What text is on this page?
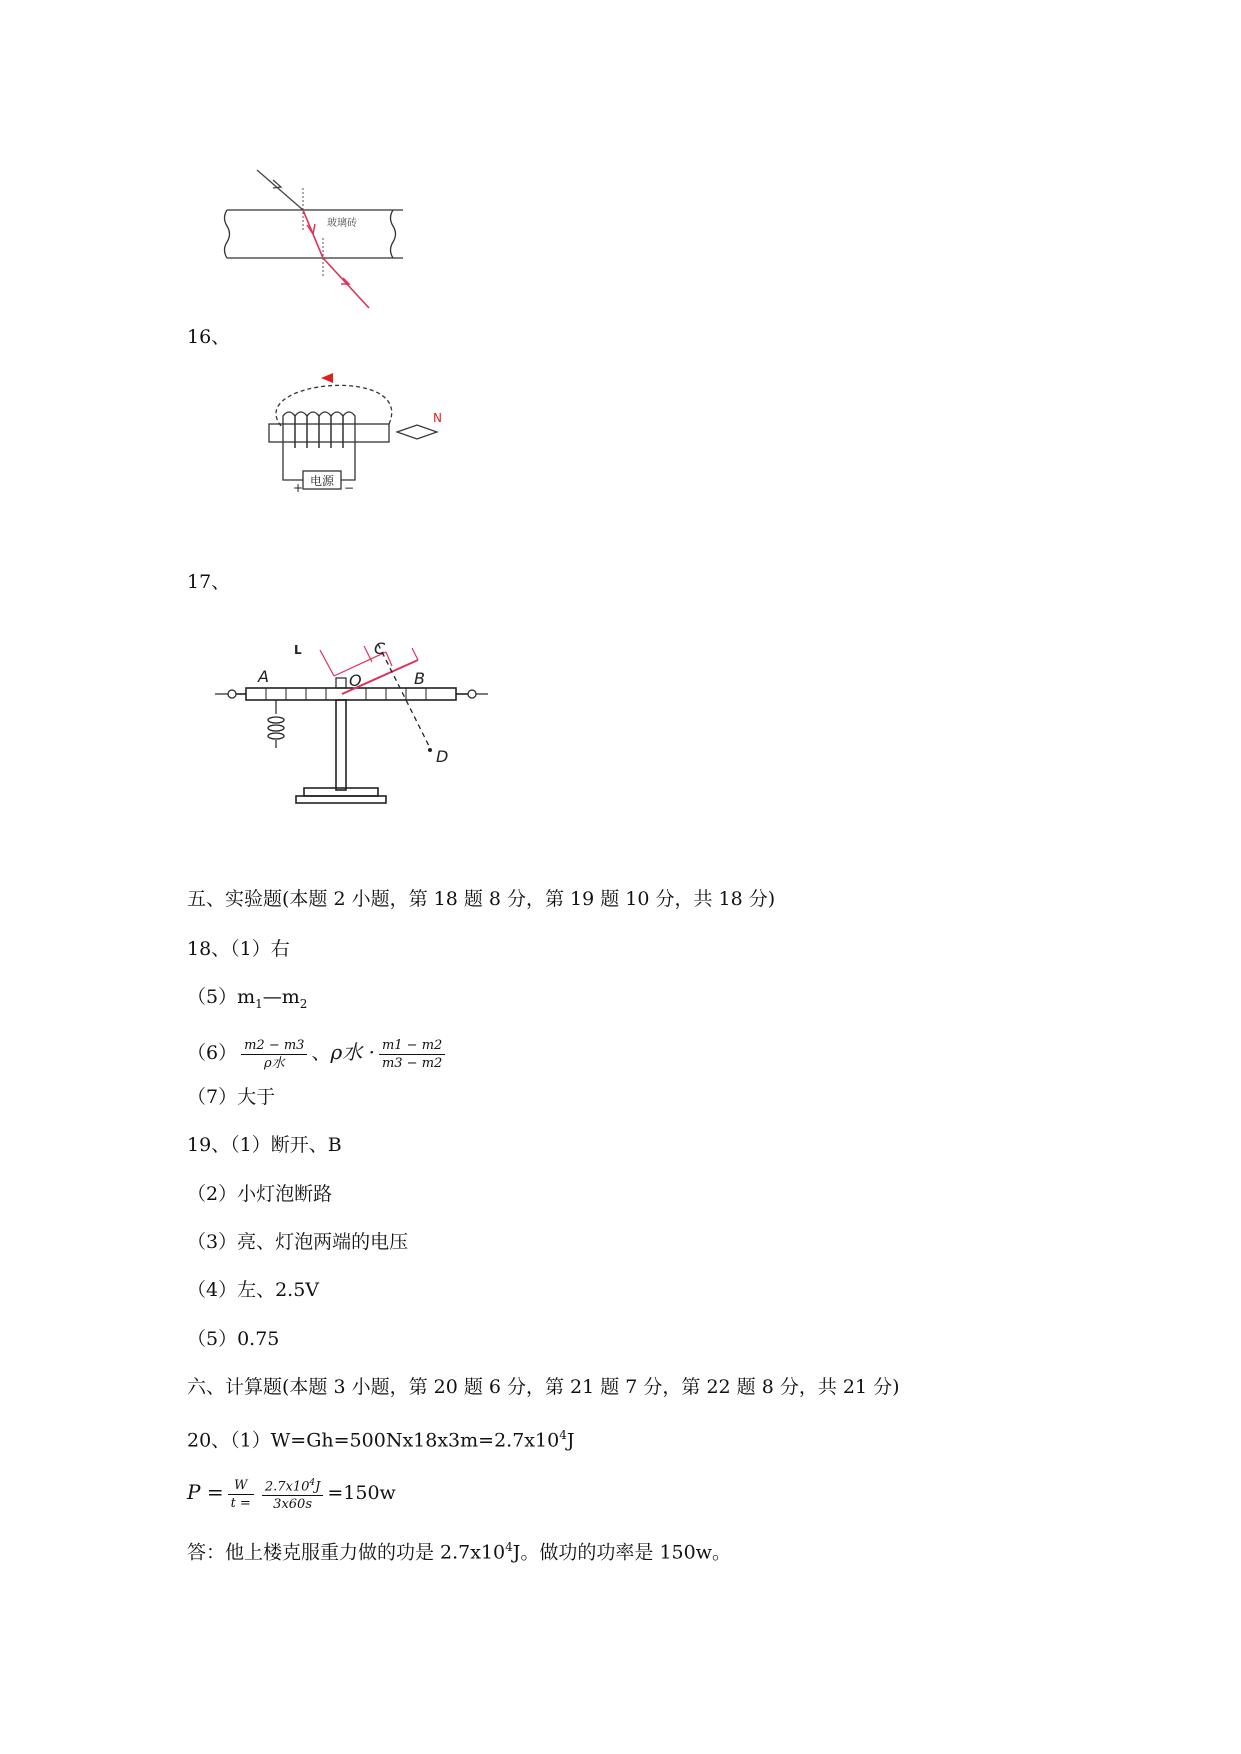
玻璃砖
16、
电源
+	−
N
17、
L
A	O
C
B
D
五、实验题(本题 2 小题，第 18 题 8 分，第 19 题 10 分，共 18 分)
18、（1）右
$(5)m_1—m_2$
$(6) \frac{m2 - m3}{\text{ρ水}}$ 、ρ水 · $\frac{m1 - m2}{m3 - m2}$
（7）大于
19、（1）断开、B
（2）小灯泡断路
（3）亮、灯泡两端的电压
（4）左、2.5V
（5）0.75
六、计算题(本题 3 小题，第 20 题 6 分，第 21 题 7 分，第 22 题 8 分，共 21 分)
20、$(1)W=Gh=500Nx18x3m=2.7x10^4J$
$P = \frac{W}{t =} \frac{2.7x10^4J}{3x60s} =150w$
答：他上楼克服重力做的功是 $2.7x10^4J$。做功的功率是 150w。
